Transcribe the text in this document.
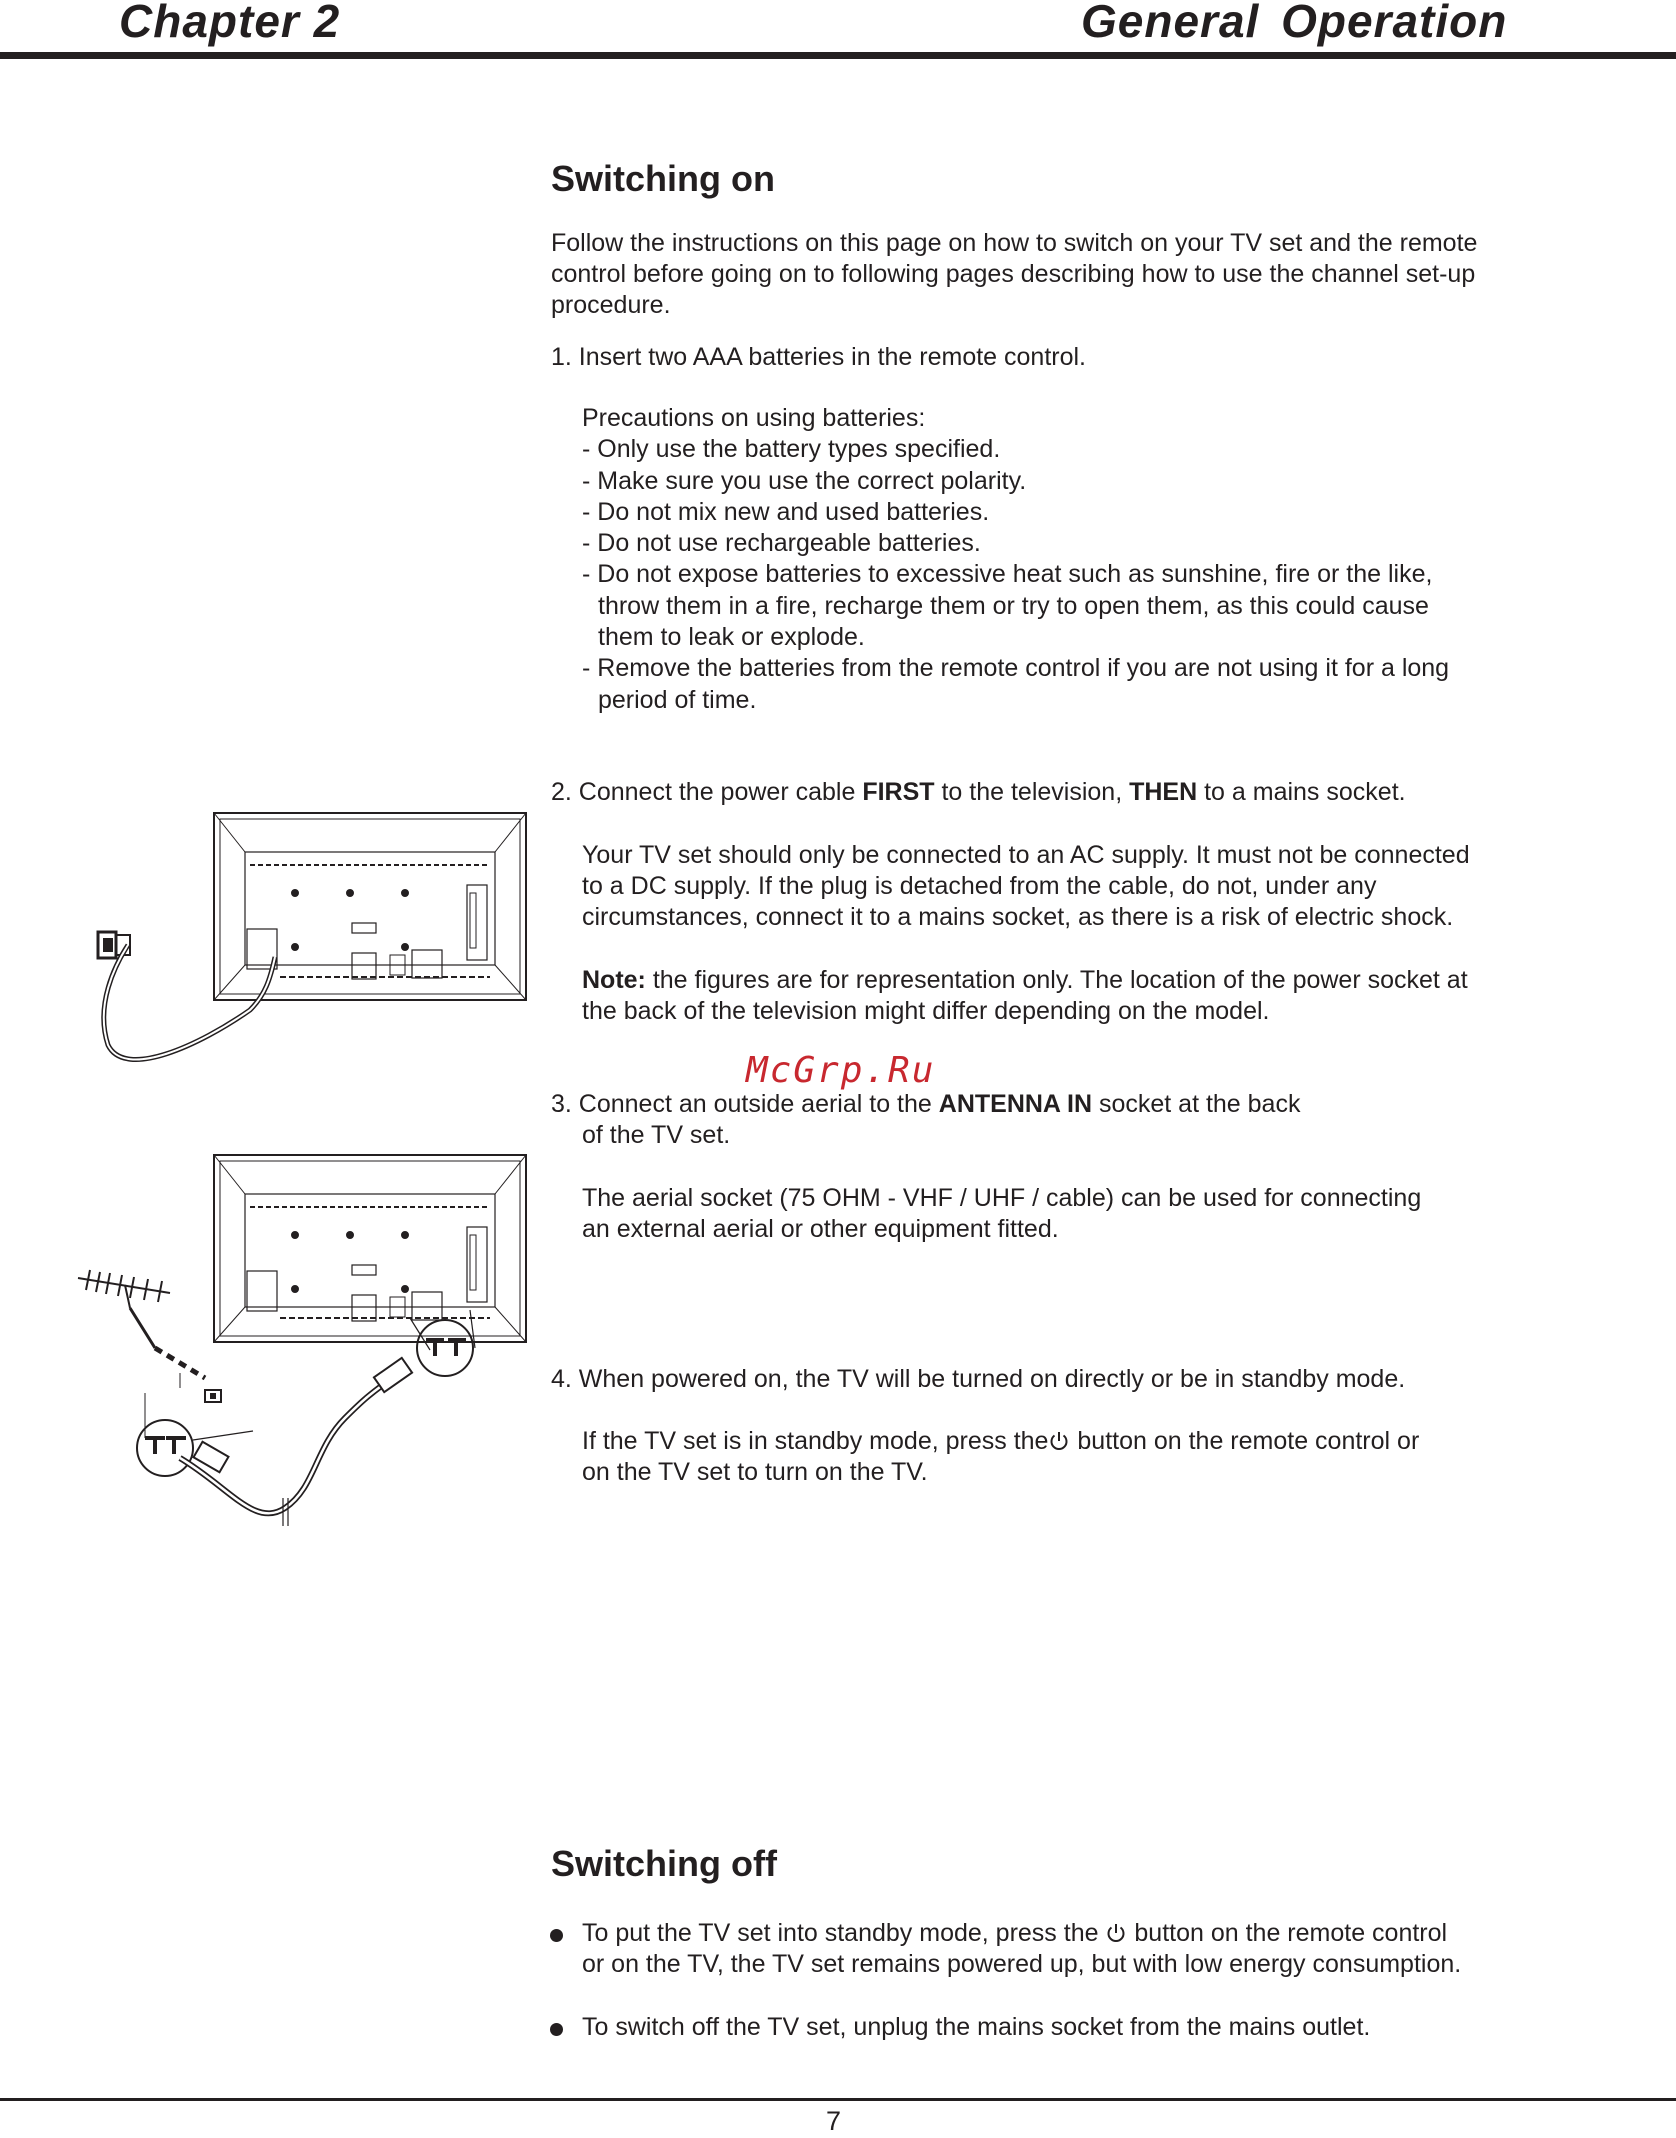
Chapter 2	General Operation
Switching on
Follow the instructions on this page on how to switch on your TV set and the remote
control before going on to following pages describing how to use the channel set-up
procedure.
1. Insert two AAA batteries in the remote control.
Precautions on using batteries:
- Only use the battery types specified.
- Make sure you use the correct polarity.
- Do not mix new and used batteries.
- Do not use rechargeable batteries.
- Do not expose batteries to excessive heat such as sunshine, fire or the like,
throw them in a fire, recharge them or try to open them, as this could cause
them to leak or explode.
- Remove the batteries from the remote control if you are not using it for a long
period of time.
2. Connect the power cable FIRST to the television, THEN to a mains socket.
Your TV set should only be connected to an AC supply. It must not be connected
to a DC supply. If the plug is detached from the cable, do not, under any
circumstances, connect it to a mains socket, as there is a risk of electric shock.
Note: the figures are for representation only. The location of the power socket at
the back of the television might differ depending on the model.
McGrp.Ru
3. Connect an outside aerial to the ANTENNA IN socket at the back
of the TV set.
The aerial socket (75 OHM - VHF / UHF / cable) can be used for connecting
an external aerial or other equipment fitted.
4. When powered on, the TV will be turned on directly or be in standby mode.
If the TV set is in standby mode, press the button on the remote control or
on the TV set to turn on the TV.
Switching off
To put the TV set into standby mode, press the  button on the remote control
or on the TV, the TV set remains powered up, but with low energy consumption.
To switch off the TV set, unplug the mains socket from the mains outlet.
7
